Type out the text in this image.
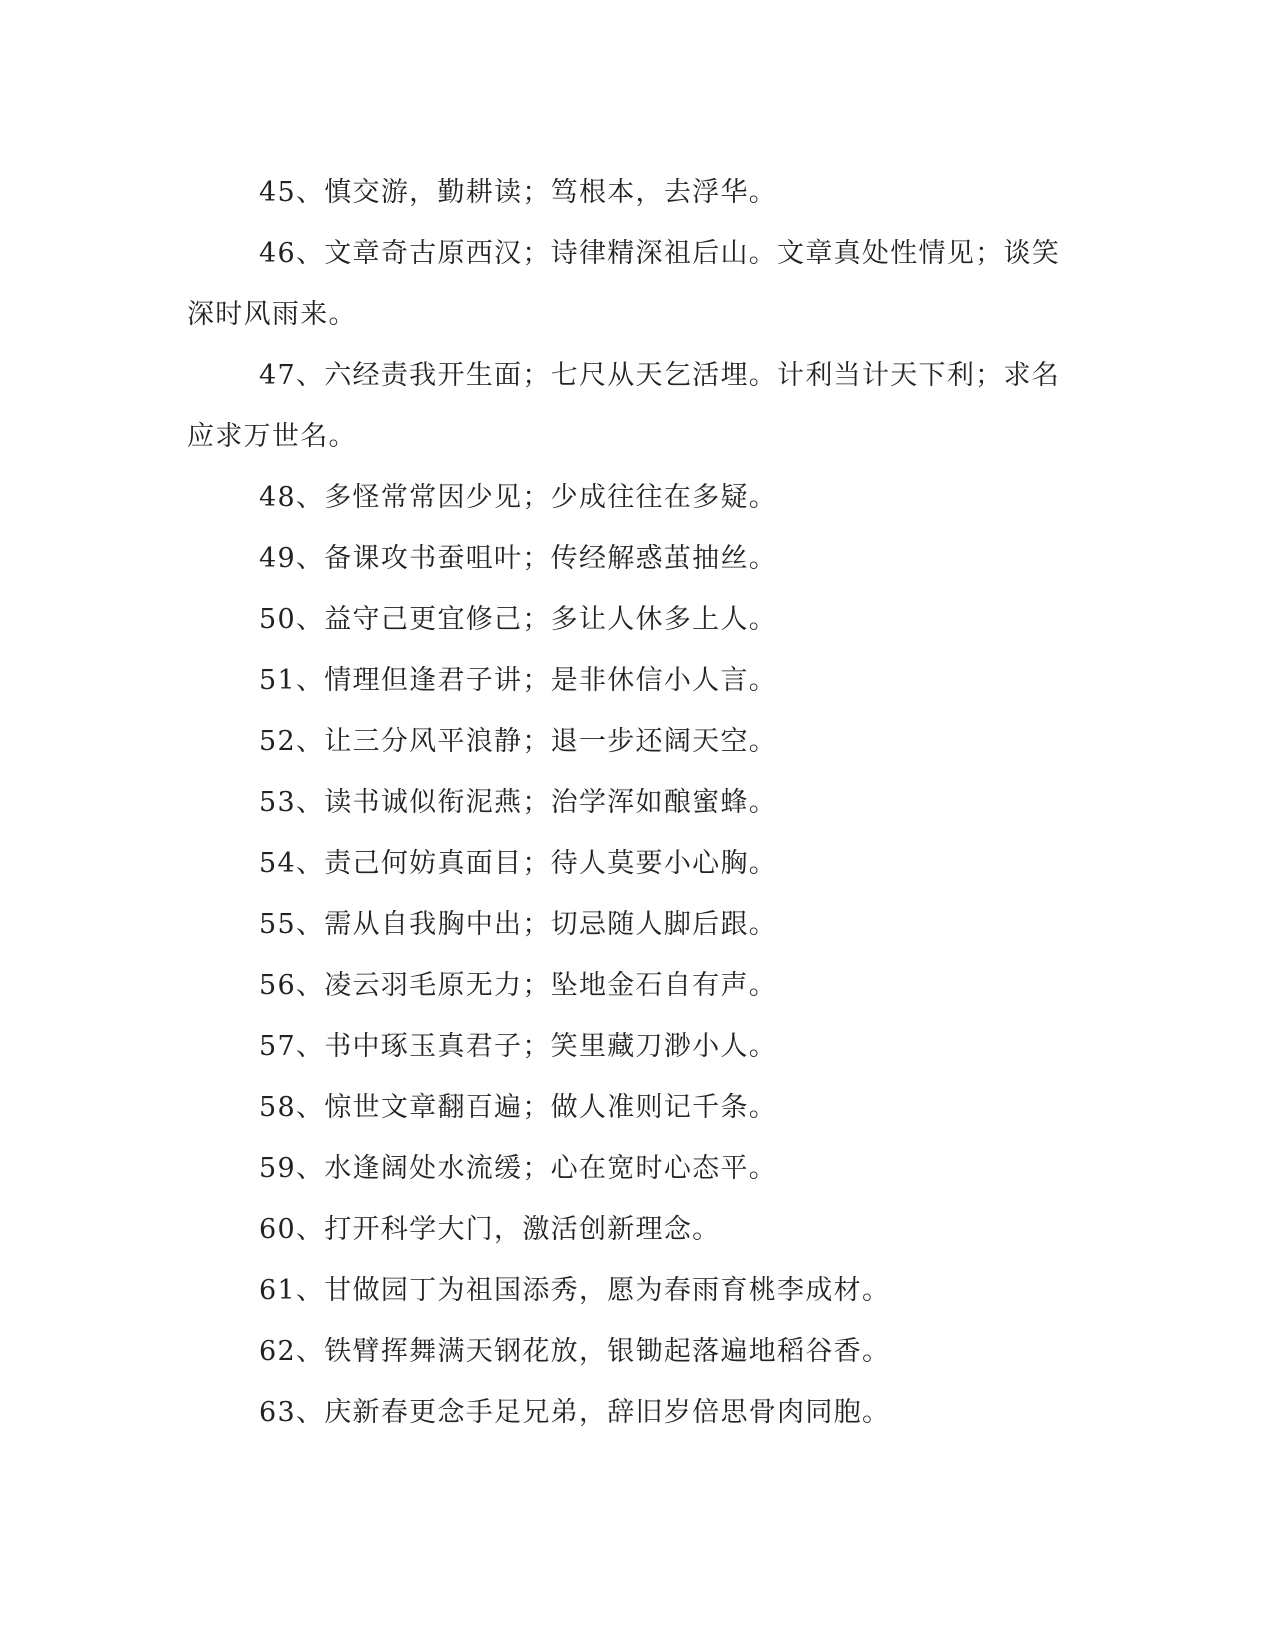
45、慎交游，勤耕读；笃根本，去浮华。

46、文章奇古原西汉；诗律精深祖后山。文章真处性情见；谈笑深时风雨来。

47、六经责我开生面；七尺从天乞活埋。计利当计天下利；求名应求万世名。

48、多怪常常因少见；少成往往在多疑。

49、备课攻书蚕咀叶；传经解惑茧抽丝。

50、益守己更宜修己；多让人休多上人。

51、情理但逢君子讲；是非休信小人言。

52、让三分风平浪静；退一步还阔天空。

53、读书诚似衔泥燕；治学浑如酿蜜蜂。

54、责己何妨真面目；待人莫要小心胸。

55、需从自我胸中出；切忌随人脚后跟。

56、凌云羽毛原无力；坠地金石自有声。

57、书中琢玉真君子；笑里藏刀渺小人。

58、惊世文章翻百遍；做人准则记千条。

59、水逢阔处水流缓；心在宽时心态平。

60、打开科学大门，激活创新理念。

61、甘做园丁为祖国添秀，愿为春雨育桃李成材。

62、铁臂挥舞满天钢花放，银锄起落遍地稻谷香。

63、庆新春更念手足兄弟，辞旧岁倍思骨肉同胞。
